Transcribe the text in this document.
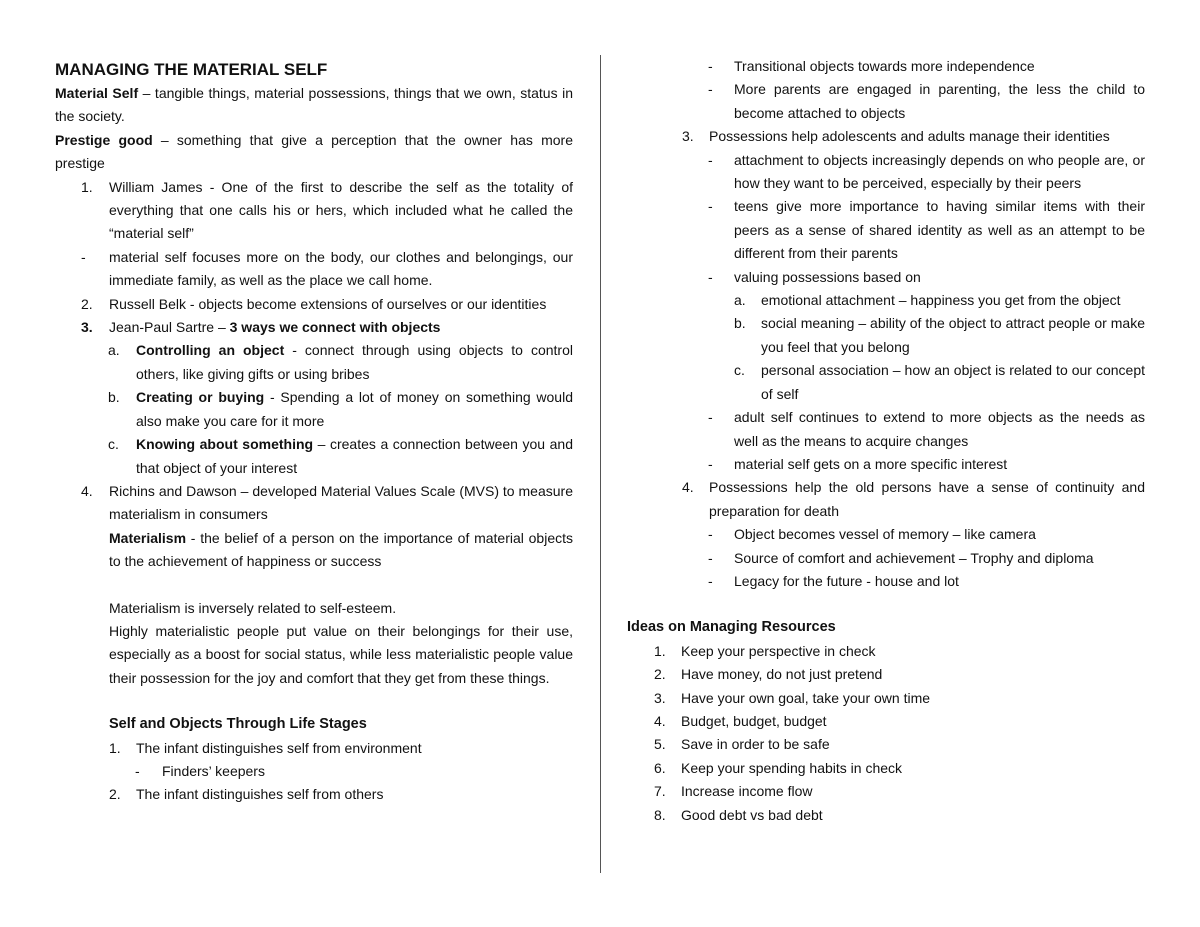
MANAGING THE MATERIAL SELF

Material Self – tangible things, material possessions, things that we own, status in the society.

Prestige good – something that give a perception that the owner has more prestige

1.	William James - One of the first to describe the self as the totality of everything that one calls his or hers, which included what he called the “material self”
-	material self focuses more on the body, our clothes and belongings, our immediate family, as well as the place we call home.
2.	Russell Belk - objects become extensions of ourselves or our identities
3.	Jean-Paul Sartre – 3 ways we connect with objects
a.	Controlling an object - connect through using objects to control others, like giving gifts or using bribes
b.	Creating or buying - Spending a lot of money on something would also make you care for it more
c.	Knowing about something – creates a connection between you and that object of your interest
4.	Richins and Dawson – developed Material Values Scale (MVS) to measure materialism in consumers

Materialism - the belief of a person on the importance of material objects to the achievement of happiness or success

Materialism is inversely related to self-esteem.

Highly materialistic people put value on their belongings for their use, especially as a boost for social status, while less materialistic people value their possession for the joy and comfort that they get from these things.

Self and Objects Through Life Stages

1.	The infant distinguishes self from environment
-	Finders’ keepers
2.	The infant distinguishes self from others
-	Transitional objects towards more independence
-	More parents are engaged in parenting, the less the child to become attached to objects
3.	Possessions help adolescents and adults manage their identities
-	attachment to objects increasingly depends on who people are, or how they want to be perceived, especially by their peers
-	teens give more importance to having similar items with their peers as a sense of shared identity as well as an attempt to be different from their parents
-	valuing possessions based on
a.	emotional attachment – happiness you get from the object
b.	social meaning – ability of the object to attract people or make you feel that you belong
c.	personal association – how an object is related to our concept of self
-	adult self continues to extend to more objects as the needs as well as the means to acquire changes
-	material self gets on a more specific interest
4.	Possessions help the old persons have a sense of continuity and preparation for death
-	Object becomes vessel of memory – like camera
-	Source of comfort and achievement – Trophy and diploma
-	Legacy for the future - house and lot

Ideas on Managing Resources

1.	Keep your perspective in check
2.	Have money, do not just pretend
3.	Have your own goal, take your own time
4.	Budget, budget, budget
5.	Save in order to be safe
6.	Keep your spending habits in check
7.	Increase income flow
8.	Good debt vs bad debt
